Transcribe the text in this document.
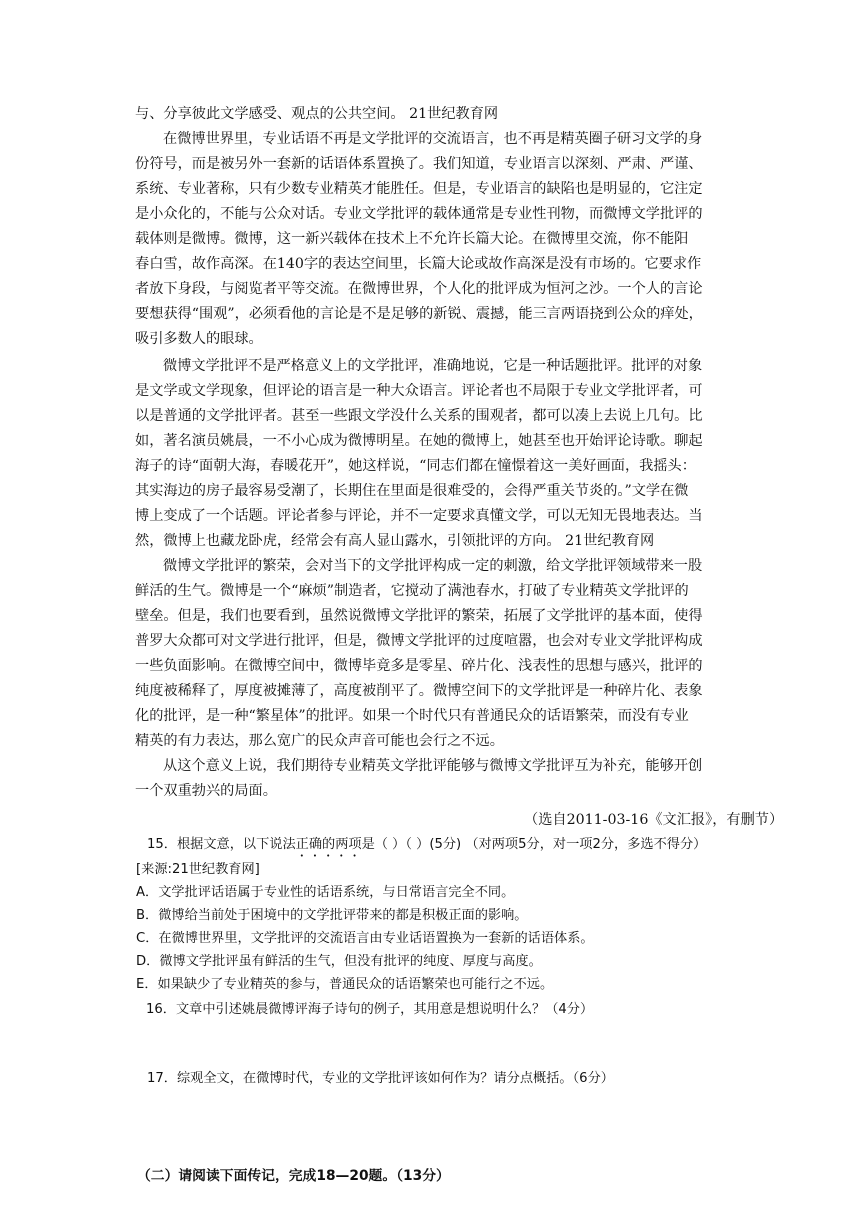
与、分享彼此文学感受、观点的公共空间。 21世纪教育网
在微博世界里，专业话语不再是文学批评的交流语言，也不再是精英圈子研习文学的身
份符号，而是被另外一套新的话语体系置换了。我们知道，专业语言以深刻、严肃、严谨、
系统、专业著称，只有少数专业精英才能胜任。但是，专业语言的缺陷也是明显的，它注定
是小众化的，不能与公众对话。专业文学批评的载体通常是专业性刊物，而微博文学批评的
载体则是微博。微博，这一新兴载体在技术上不允许长篇大论。在微博里交流，你不能阳
春白雪，故作高深。在140字的表达空间里，长篇大论或故作高深是没有市场的。它要求作
者放下身段，与阅览者平等交流。在微博世界，个人化的批评成为恒河之沙。一个人的言论
要想获得“围观”，必须看他的言论是不是足够的新锐、震撼，能三言两语挠到公众的痒处，
吸引多数人的眼球。
微博文学批评不是严格意义上的文学批评，准确地说，它是一种话题批评。批评的对象
是文学或文学现象，但评论的语言是一种大众语言。评论者也不局限于专业文学批评者，可
以是普通的文学批评者。甚至一些跟文学没什么关系的围观者，都可以凑上去说上几句。比
如，著名演员姚晨，一不小心成为微博明星。在她的微博上，她甚至也开始评论诗歌。聊起
海子的诗“面朝大海，春暖花开”，她这样说，“同志们都在憧憬着这一美好画面，我摇头：
其实海边的房子最容易受潮了，长期住在里面是很难受的，会得严重关节炎的。”文学在微
博上变成了一个话题。评论者参与评论，并不一定要求真懂文学，可以无知无畏地表达。当
然，微博上也藏龙卧虎，经常会有高人显山露水，引领批评的方向。 21世纪教育网
微博文学批评的繁荣，会对当下的文学批评构成一定的刺激，给文学批评领域带来一股
鲜活的生气。微博是一个“麻烦”制造者，它搅动了满池春水，打破了专业精英文学批评的
壁垒。但是，我们也要看到，虽然说微博文学批评的繁荣，拓展了文学批评的基本面，使得
普罗大众都可对文学进行批评，但是，微博文学批评的过度喧嚣，也会对专业文学批评构成
一些负面影响。在微博空间中，微博毕竟多是零星、碎片化、浅表性的思想与感兴，批评的
纯度被稀释了，厚度被摊薄了，高度被削平了。微博空间下的文学批评是一种碎片化、表象
化的批评，是一种“繁星体”的批评。如果一个时代只有普通民众的话语繁荣，而没有专业
精英的有力表达，那么宽广的民众声音可能也会行之不远。
从这个意义上说，我们期待专业精英文学批评能够与微博文学批评互为补充，能够开创
一个双重勃兴的局面。
（选自2011-03-16《文汇报》，有删节）
15．根据文意，以下说法正确的两项是（ ）（ ）(5分) （对两项5分，对一项2分，多选不得分）
[来源:21世纪教育网]
A．文学批评话语属于专业性的话语系统，与日常语言完全不同。
B．微博给当前处于困境中的文学批评带来的都是积极正面的影响。
C．在微博世界里，文学批评的交流语言由专业话语置换为一套新的话语体系。
D．微博文学批评虽有鲜活的生气，但没有批评的纯度、厚度与高度。
E．如果缺少了专业精英的参与，普通民众的话语繁荣也可能行之不远。
16．文章中引述姚晨微博评海子诗句的例子，其用意是想说明什么？（4分）
17．综观全文，在微博时代，专业的文学批评该如何作为？请分点概括。（6分）
（二）请阅读下面传记，完成18—20题。（13分）
